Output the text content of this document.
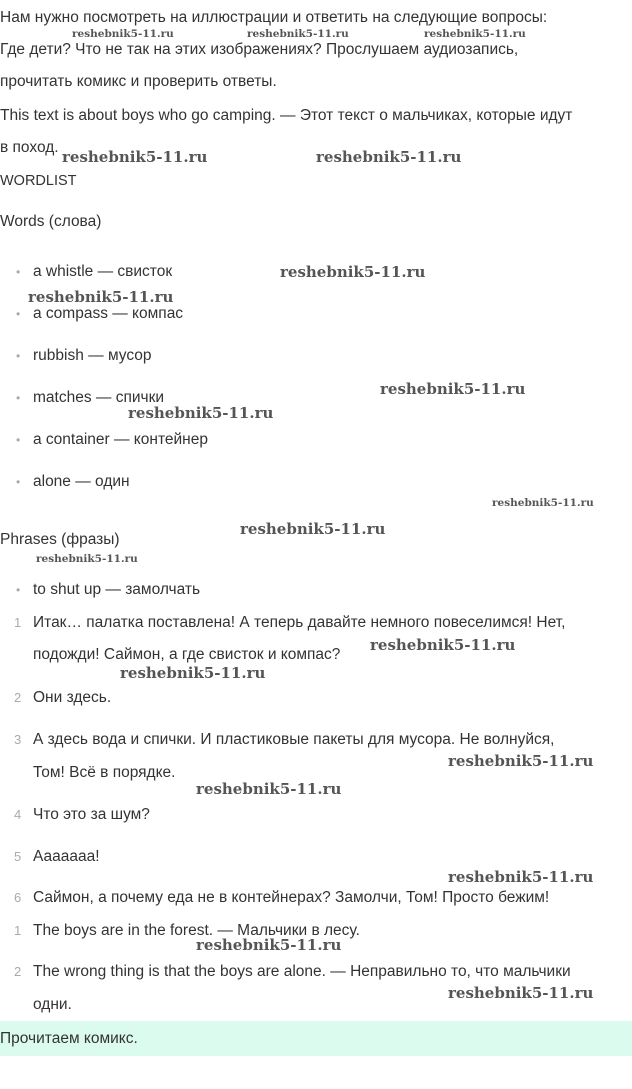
Нам нужно посмотреть на иллюстрации и ответить на следующие вопросы:
Где дети? Что не так на этих изображениях? Прослушаем аудиозапись,
прочитать комикс и проверить ответы.
This text is about boys who go camping. — Этот текст о мальчиках, которые идут
в поход.
WORDLIST
Words (слова)
• a whistle — свисток
• a compass — компас
• rubbish — мусор
• matches — спички
• a container — контейнер
• alone — один
Phrases (фразы)
• to shut up — замолчать
1 Итак… палатка поставлена! А теперь давайте немного повеселимся! Нет,
подожди! Саймон, а где свисток и компас?
2 Они здесь.
3 А здесь вода и спички. И пластиковые пакеты для мусора. Не волнуйся,
Том! Всё в порядке.
4 Что это за шум?
5 Ааааааа!
6 Саймон, а почему еда не в контейнерах? Замолчи, Том! Просто бежим!
1 The boys are in the forest. — Мальчики в лесу.
2 The wrong thing is that the boys are alone. — Неправильно то, что мальчики
одни.
Прочитаем комикс.
reshebnik5-11.ru	reshebnik5-11.ru	reshebnik5-11.ru
reshebnik5-11.ru	reshebnik5-11.ru
reshebnik5-11.ru
reshebnik5-11.ru
reshebnik5-11.ru
reshebnik5-11.ru
reshebnik5-11.ru
reshebnik5-11.ru
reshebnik5-11.ru
reshebnik5-11.ru
reshebnik5-11.ru
reshebnik5-11.ru
reshebnik5-11.ru
reshebnik5-11.ru
reshebnik5-11.ru
reshebnik5-11.ru
